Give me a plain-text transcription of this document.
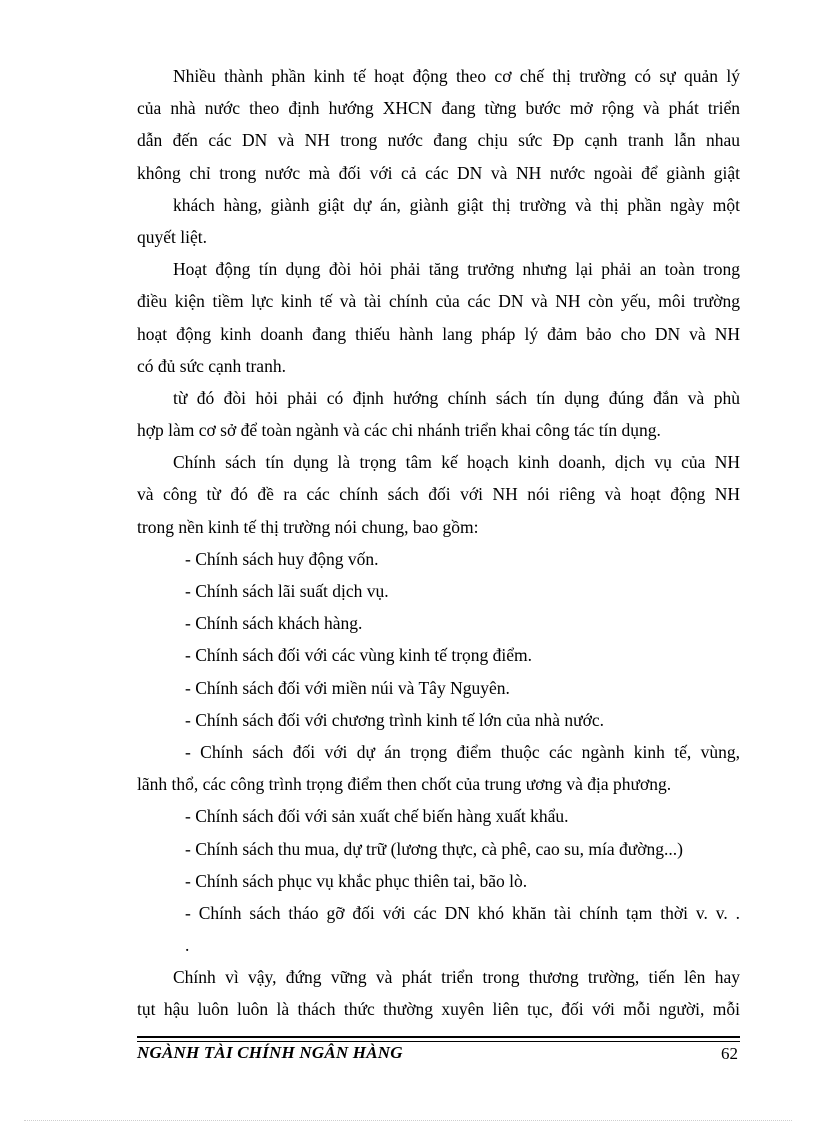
Nhiều thành phần kinh tế hoạt động theo cơ chế thị trường có sự quản lý
của nhà nước theo định hướng XHCN đang từng bước mở rộng và phát triển
dẫn đến các DN và NH trong nước đang chịu sức Đp cạnh tranh lẫn nhau
không chỉ trong nước mà đối với cả các DN và NH nước ngoài để giành giật
khách hàng, giành giật dự án, giành giật thị trường và thị phần ngày một
quyết liệt.
Hoạt động tín dụng đòi hỏi phải tăng trưởng nhưng lại phải an toàn trong
điều kiện tiềm lực kinh tế và tài chính của các DN và NH còn yếu, môi trường
hoạt động kinh doanh đang thiếu hành lang pháp lý đảm bảo cho DN và NH
có đủ sức cạnh tranh.
từ đó đòi hỏi phải có định hướng chính sách tín dụng đúng đắn và phù
hợp làm cơ sở để toàn ngành và các chi nhánh triển khai công tác tín dụng.
Chính sách tín dụng là trọng tâm kế hoạch kinh doanh, dịch vụ của NH
và công từ đó đề ra các chính sách đối với NH nói riêng và hoạt động NH
trong nền kinh tế thị trường nói chung, bao gồm:
- Chính sách huy động vốn.
- Chính sách lãi suất dịch vụ.
- Chính sách khách hàng.
- Chính sách đối với các vùng kinh tế trọng điểm.
- Chính sách đối với miền núi và Tây Nguyên.
- Chính sách đối với chương trình kinh tế lớn của nhà nước.
- Chính sách đối với dự án trọng điểm thuộc các ngành kinh tế, vùng,
lãnh thổ, các công trình trọng điểm then chốt của trung ương và địa phương.
- Chính sách đối với sản xuất chế biến hàng xuất khẩu.
- Chính sách thu mua, dự trữ (lương thực, cà phê, cao su, mía đường...)
- Chính sách phục vụ khắc phục thiên tai, bão lò.
- Chính sách tháo gỡ đối với các DN khó khăn tài chính tạm thời v. v. .
.
Chính vì vậy, đứng vững và phát triển trong thương trường, tiến lên hay
tụt hậu luôn luôn là thách thức thường xuyên liên tục, đối với mỗi người, mỗi
NGÀNH TÀI CHÍNH NGÂN HÀNG	62
